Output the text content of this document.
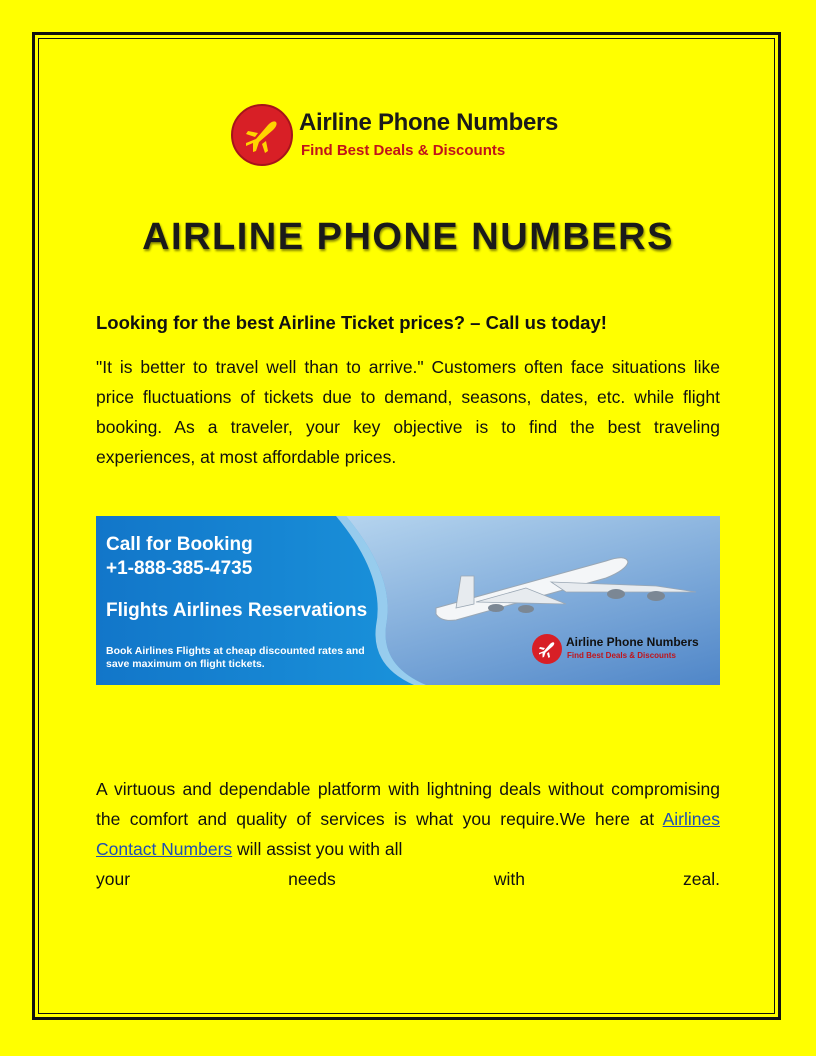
Airline Phone Numbers
Find Best Deals & Discounts
AIRLINE PHONE NUMBERS
Looking for the best Airline Ticket prices? – Call us today!
"It is better to travel well than to arrive." Customers often face situations like price fluctuations of tickets due to demand, seasons, dates, etc. while flight booking. As a traveler, your key objective is to find the best traveling experiences, at most affordable prices.
Call for Booking
+1-888-385-4735
Flights Airlines Reservations
Book Airlines Flights at cheap discounted rates and
save maximum on flight tickets.
Airline Phone Numbers
Find Best Deals & Discounts
A virtuous and dependable platform with lightning deals without compromising the comfort and quality of services is what you require.We here at Airlines Contact Numbers will assist you with all
your	needs	with	zeal.
